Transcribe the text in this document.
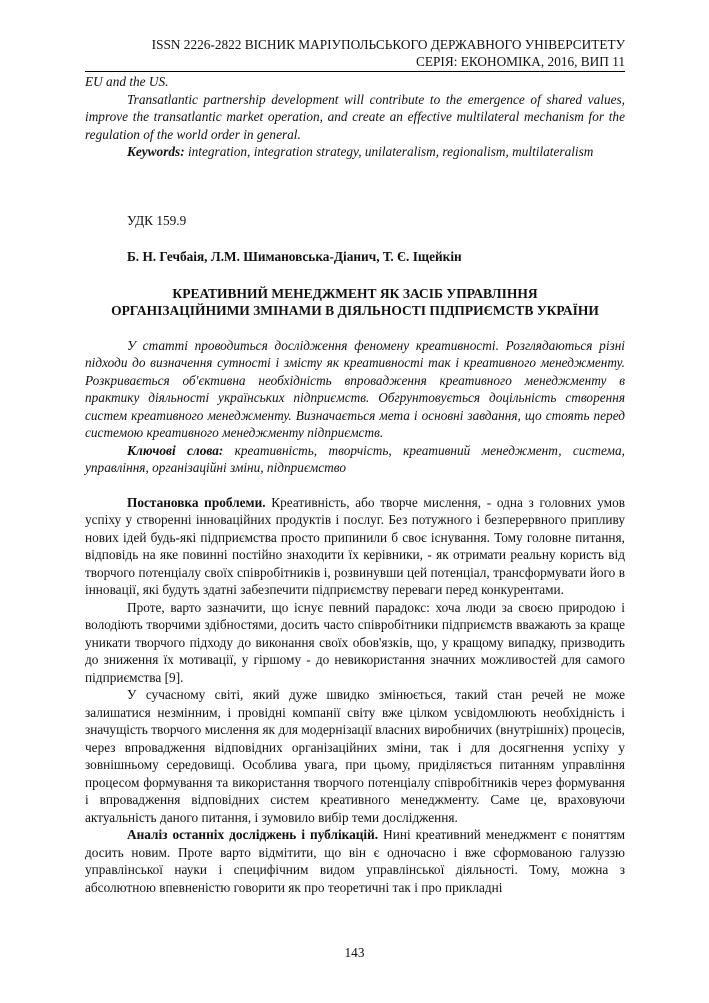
ISSN 2226-2822 ВІСНИК МАРІУПОЛЬСЬКОГО ДЕРЖАВНОГО УНІВЕРСИТЕТУ
СЕРІЯ: ЕКОНОМІКА, 2016, ВИП 11

EU and the US.

Transatlantic partnership development will contribute to the emergence of shared values, improve the transatlantic market operation, and create an effective multilateral mechanism for the regulation of the world order in general.

Keywords: integration, integration strategy, unilateralism, regionalism, multilateralism

УДК 159.9

Б. Н. Гечбаія, Л.М. Шимановська-Діанич, Т. Є. Іщейкін

КРЕАТИВНИЙ МЕНЕДЖМЕНТ ЯК ЗАСІБ УПРАВЛІННЯ
ОРГАНІЗАЦІЙНИМИ ЗМІНАМИ В ДІЯЛЬНОСТІ ПІДПРИЄМСТВ УКРАЇНИ

У статті проводиться дослідження феномену креативності. Розглядаються різні підходи до визначення сутності і змісту як креативності так і креативного менеджменту. Розкривається об'єктивна необхідність впровадження креативного менеджменту в практику діяльності українських підприємств. Обгрунтовується доцільність створення систем креативного менеджменту. Визначається мета і основні завдання, що стоять перед системою креативного менеджменту підприємств.

Ключові слова: креативність, творчість, креативний менеджмент, система, управління, організаційні зміни, підприємство

Постановка проблеми. Креативність, або творче мислення, - одна з головних умов успіху у створенні інноваційних продуктів і послуг. Без потужного і безперервного припливу нових ідей будь-які підприємства просто припинили б своє існування. Тому головне питання, відповідь на яке повинні постійно знаходити їх керівники, - як отримати реальну користь від творчого потенціалу своїх співробітників і, розвинувши цей потенціал, трансформувати його в інновації, які будуть здатні забезпечити підприємству переваги перед конкурентами.

Проте, варто зазначити, що існує певний парадокс: хоча люди за своєю природою і володіють творчими здібностями, досить часто співробітники підприємств вважають за краще уникати творчого підходу до виконання своїх обов'язків, що, у кращому випадку, призводить до зниження їх мотивації, у гіршому - до невикористання значних можливостей для самого підприємства [9].

У сучасному світі, який дуже швидко змінюється, такий стан речей не може залишатися незмінним, і провідні компанії світу вже цілком усвідомлюють необхідність і значущість творчого мислення як для модернізації власних виробничих (внутрішніх) процесів, через впровадження відповідних організаційних зміни, так і для досягнення успіху у зовнішньому середовищі. Особлива увага, при цьому, приділяється питанням управління процесом формування та використання творчого потенціалу співробітників через формування і впровадження відповідних систем креативного менеджменту. Саме це, враховуючи актуальність даного питання, і зумовило вибір теми дослідження.

Аналіз останніх досліджень і публікацій. Нині креативний менеджмент є поняттям досить новим. Проте варто відмітити, що він є одночасно і вже сформованою галуззю управлінської науки і специфічним видом управлінської діяльності. Тому, можна з абсолютною впевненістю говорити як про теоретичні так і про прикладні

143
